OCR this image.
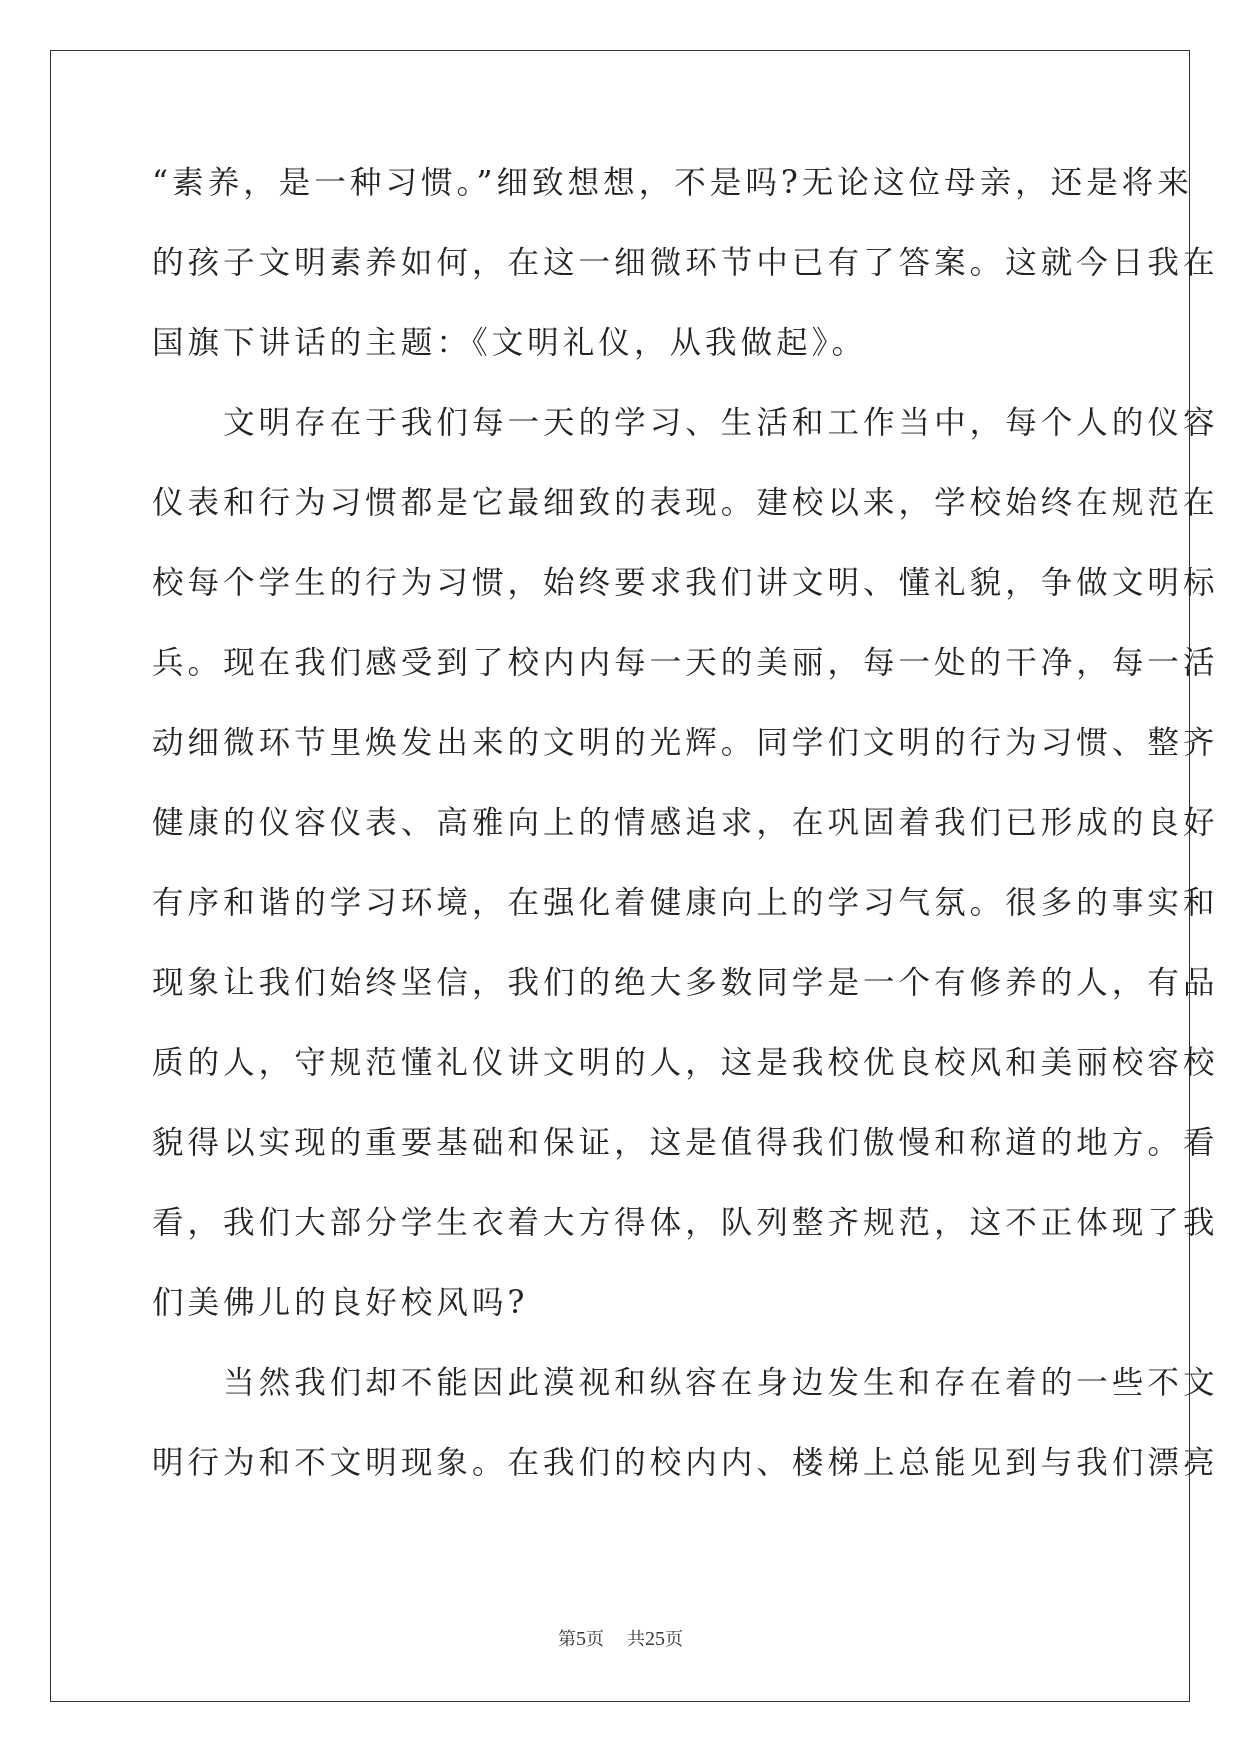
“素养，是一种习惯。”细致想想，不是吗?无论这位母亲，还是将来
的孩子文明素养如何，在这一细微环节中已有了答案。这就今日我在
国旗下讲话的主题：《文明礼仪，从我做起》。
　　文明存在于我们每一天的学习、生活和工作当中，每个人的仪容
仪表和行为习惯都是它最细致的表现。建校以来，学校始终在规范在
校每个学生的行为习惯，始终要求我们讲文明、懂礼貌，争做文明标
兵。现在我们感受到了校内内每一天的美丽，每一处的干净，每一活
动细微环节里焕发出来的文明的光辉。同学们文明的行为习惯、整齐
健康的仪容仪表、高雅向上的情感追求，在巩固着我们已形成的良好
有序和谐的学习环境，在强化着健康向上的学习气氛。很多的事实和
现象让我们始终坚信，我们的绝大多数同学是一个有修养的人，有品
质的人，守规范懂礼仪讲文明的人，这是我校优良校风和美丽校容校
貌得以实现的重要基础和保证，这是值得我们傲慢和称道的地方。看
看，我们大部分学生衣着大方得体，队列整齐规范，这不正体现了我
们美佛儿的良好校风吗?
　　当然我们却不能因此漠视和纵容在身边发生和存在着的一些不文
明行为和不文明现象。在我们的校内内、楼梯上总能见到与我们漂亮
第5页 共25页
